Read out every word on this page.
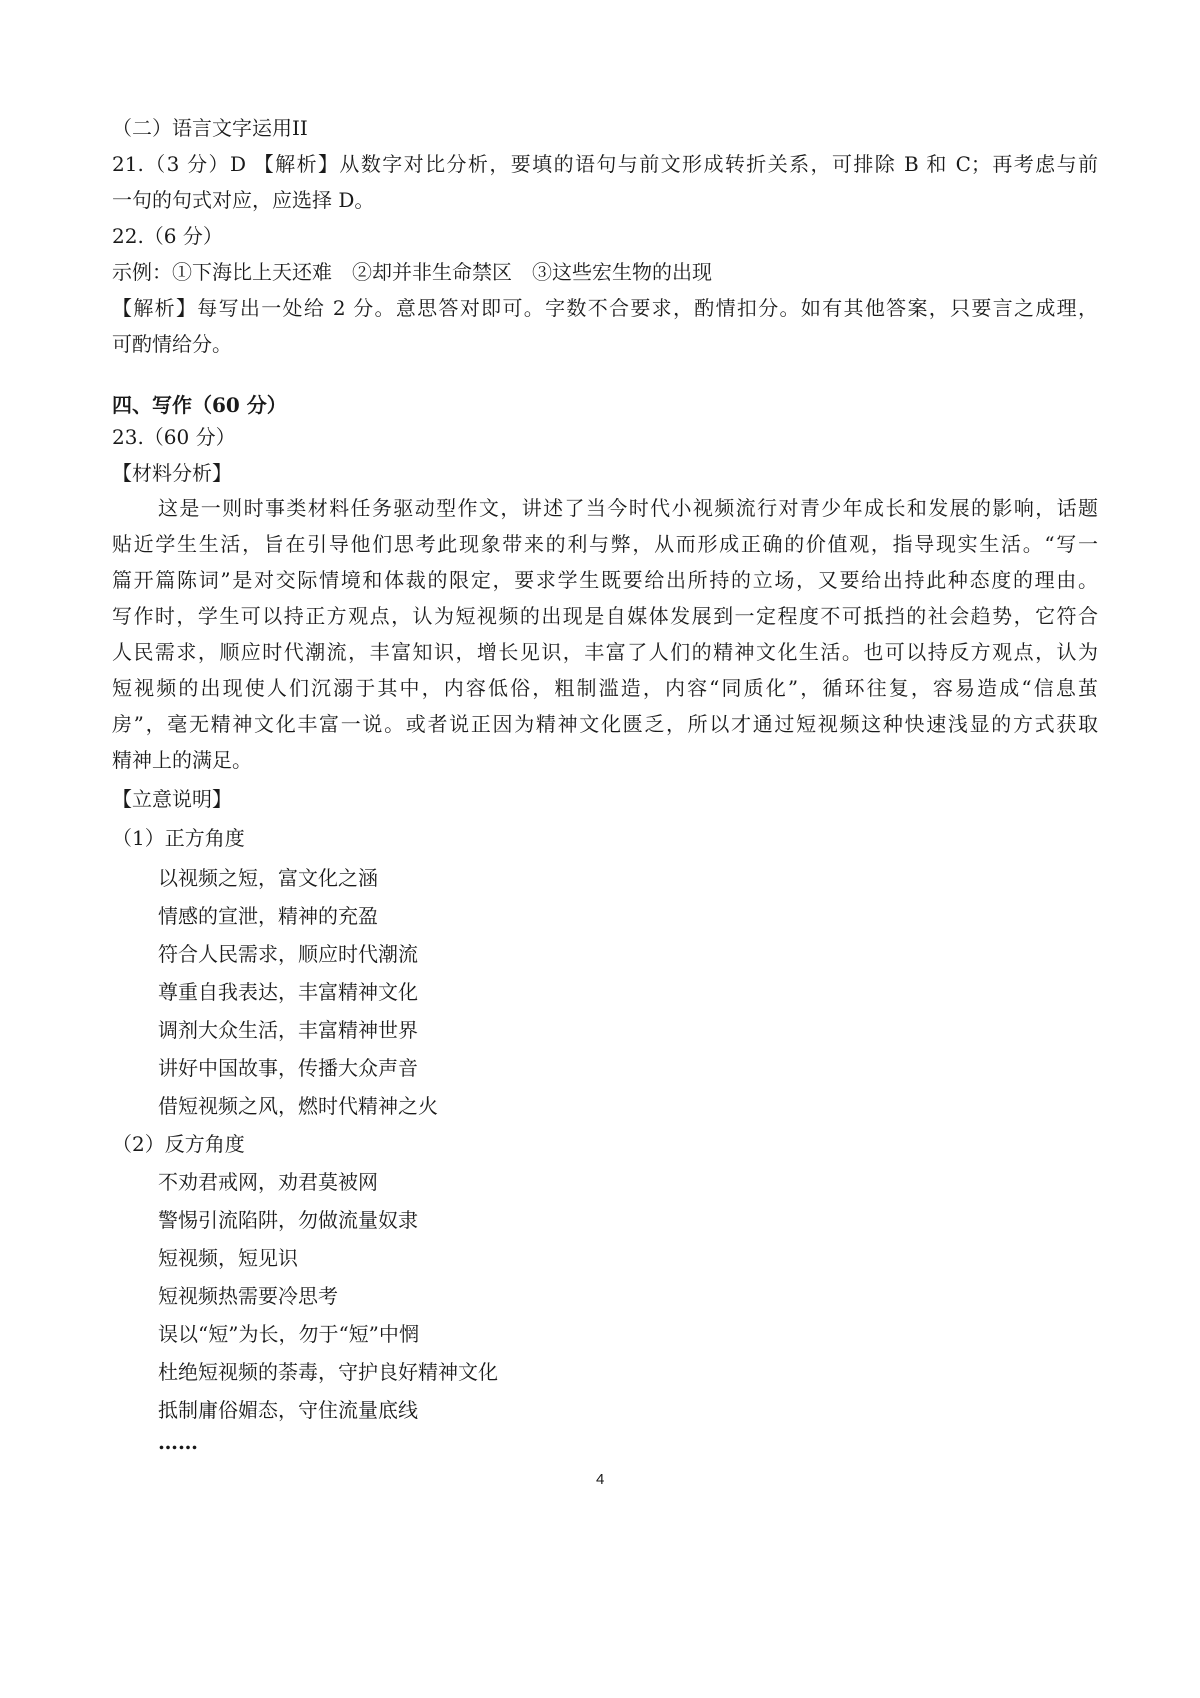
（二）语言文字运用II
21.（3 分）D 【解析】从数字对比分析，要填的语句与前文形成转折关系，可排除 B 和 C；再考虑与前
一句的句式对应，应选择 D。
22.（6 分）
示例：①下海比上天还难　②却并非生命禁区　③这些宏生物的出现
【解析】每写出一处给 2 分。意思答对即可。字数不合要求，酌情扣分。如有其他答案，只要言之成理，
可酌情给分。
四、写作（60 分）
23.（60 分）
【材料分析】
这是一则时事类材料任务驱动型作文，讲述了当今时代小视频流行对青少年成长和发展的影响，话题
贴近学生生活，旨在引导他们思考此现象带来的利与弊，从而形成正确的价值观，指导现实生活。“写一
篇开篇陈词”是对交际情境和体裁的限定，要求学生既要给出所持的立场，又要给出持此种态度的理由。
写作时，学生可以持正方观点，认为短视频的出现是自媒体发展到一定程度不可抵挡的社会趋势，它符合
人民需求，顺应时代潮流，丰富知识，增长见识，丰富了人们的精神文化生活。也可以持反方观点，认为
短视频的出现使人们沉溺于其中，内容低俗，粗制滥造，内容“同质化”，循环往复，容易造成“信息茧
房”，毫无精神文化丰富一说。或者说正因为精神文化匮乏，所以才通过短视频这种快速浅显的方式获取
精神上的满足。
【立意说明】
（1）正方角度
以视频之短，富文化之涵
情感的宣泄，精神的充盈
符合人民需求，顺应时代潮流
尊重自我表达，丰富精神文化
调剂大众生活，丰富精神世界
讲好中国故事，传播大众声音
借短视频之风，燃时代精神之火
（2）反方角度
不劝君戒网，劝君莫被网
警惕引流陷阱，勿做流量奴隶
短视频，短见识
短视频热需要冷思考
误以“短”为长，勿于“短”中惘
杜绝短视频的荼毒，守护良好精神文化
抵制庸俗媚态，守住流量底线
……
4
